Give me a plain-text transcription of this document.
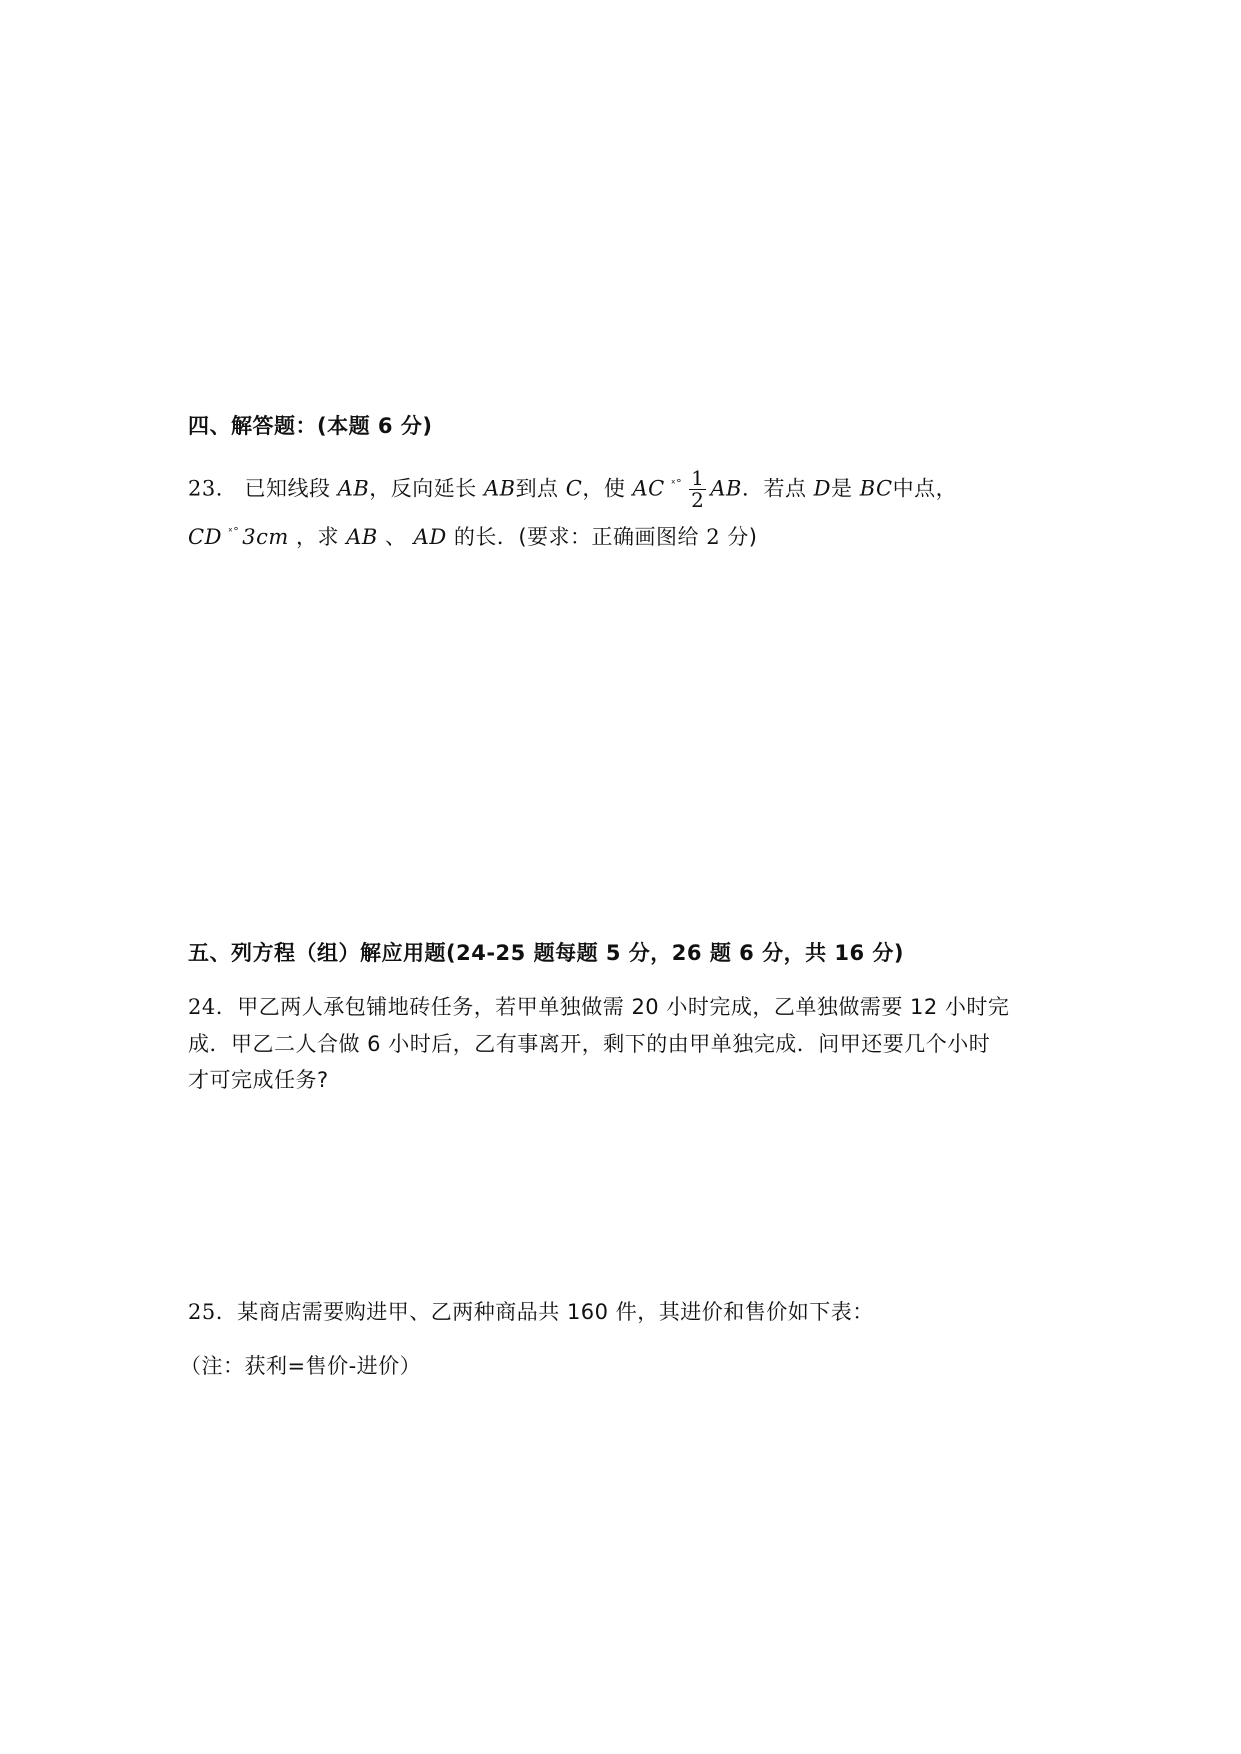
四、解答题：(本题 6 分)
23. 已知线段 AB，反向延长 AB到点 C，使 AC $^{ˣ^\circ} \frac{1}{2}$ AB．若点 D是 BC中点，
CD $^{ˣ^\circ}$ 3cm ，求 AB 、 AD 的长．(要求：正确画图给 2 分)
五、列方程（组）解应用题(24-25 题每题 5 分，26 题 6 分，共 16 分)
24. 甲乙两人承包铺地砖任务，若甲单独做需 20 小时完成，乙单独做需要 12 小时完
成．甲乙二人合做 6 小时后，乙有事离开，剩下的由甲单独完成．问甲还要几个小时
才可完成任务?
25. 某商店需要购进甲、乙两种商品共 160 件，其进价和售价如下表：
（注：获利=售价-进价）
